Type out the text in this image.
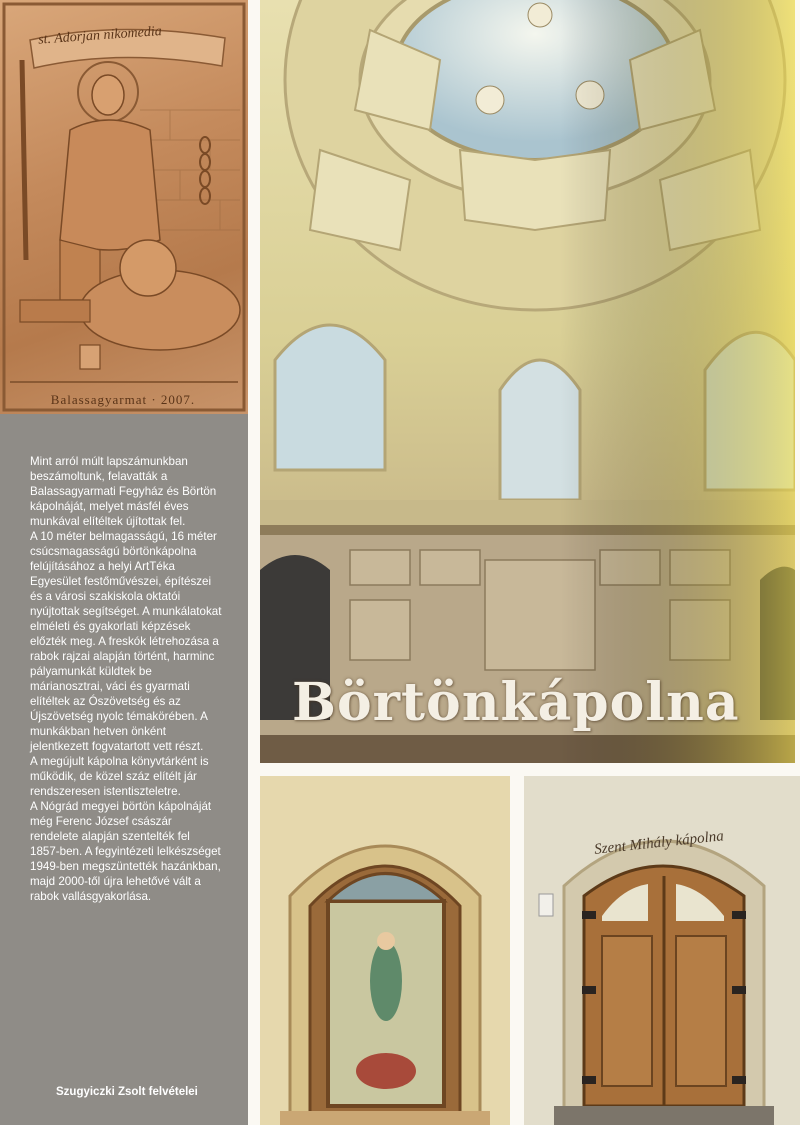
st. Adorjan nikomedia
Balassagyarmat · 2007.

Mint arról múlt lapszámunkban beszámoltunk, felavatták a Balassagyarmati Fegyház és Börtön kápolnáját, melyet másfél éves munkával elítéltek újítottak fel.

A 10 méter belmagasságú, 16 méter csúcsmagasságú börtönkápolna felújításához a helyi ArtTéka Egyesület festőművészei, építészei és a városi szakiskola oktatói nyújtottak segítséget. A munkálatokat elméleti és gyakorlati képzések előzték meg. A freskók létrehozása a rabok rajzai alapján történt, harminc pályamunkát küldtek be márianosztrai, váci és gyarmati elítéltek az Ószövetség és az Újszövetség nyolc témakörében. A munkákban hetven önként jelentkezett fogvatartott vett részt.

A megújult kápolna könyvtárként is működik, de közel száz elítélt jár rendszeresen istentiszteletre.

A Nógrád megyei börtön kápolnáját még Ferenc József császár rendelete alapján szentelték fel 1857-ben. A fegyintézeti lelkészséget 1949-ben megszüntették hazánkban, majd 2000-től újra lehetővé vált a rabok vallásgyakorlása.

Szugyiczki Zsolt felvételei
Börtönkápolna
Szent Mihály kápolna
